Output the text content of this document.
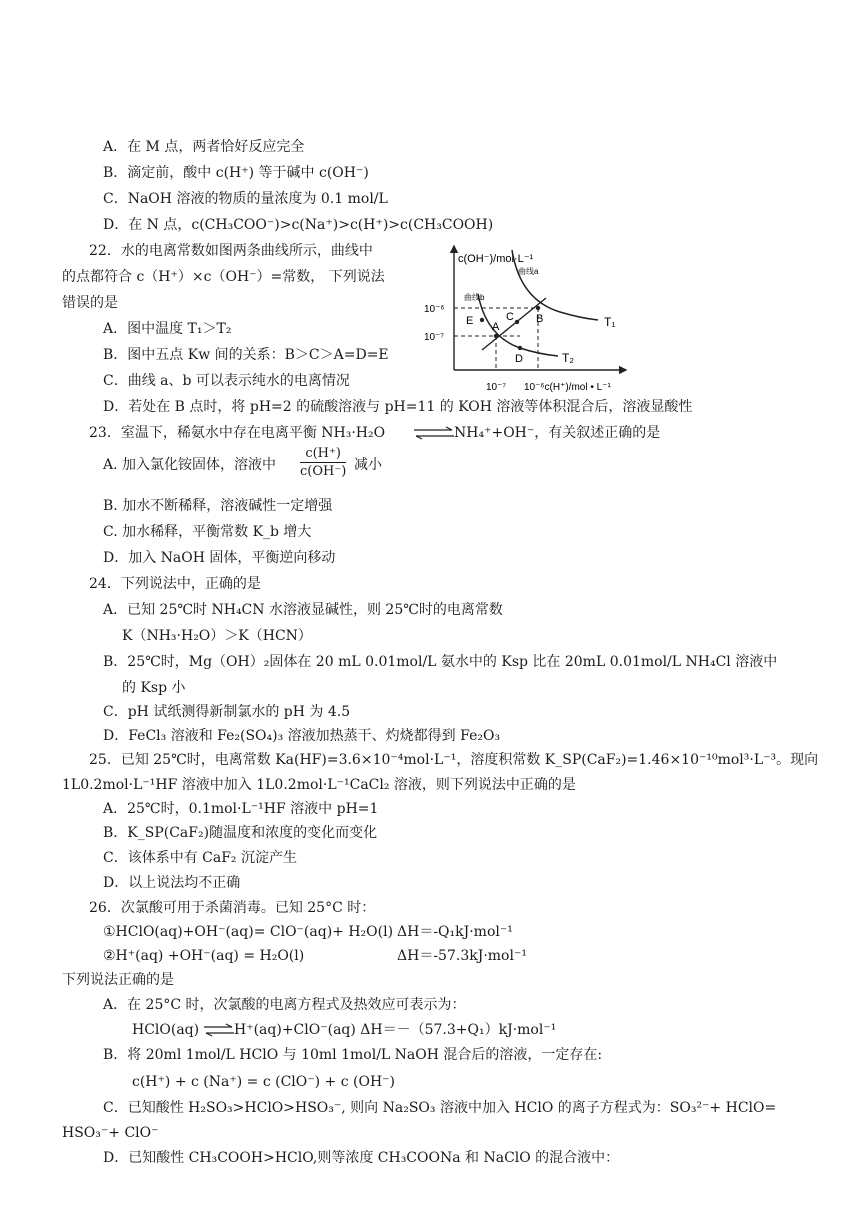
A．在 M 点，两者恰好反应完全
B．滴定前，酸中 c(H⁺) 等于碱中 c(OH⁻)
C．NaOH 溶液的物质的量浓度为 0.1 mol/L
D．在 N 点，c(CH₃COO⁻)>c(Na⁺)>c(H⁺)>c(CH₃COOH)
22．水的电离常数如图两条曲线所示，曲线中
的点都符合 c（H⁺）×c（OH⁻）=常数， 下列说法
错误的是
A．图中温度 T₁＞T₂
B．图中五点 Kw 间的关系：B＞C＞A=D=E
C．曲线 a、b 可以表示纯水的电离情况
D．若处在 B 点时，将 pH=2 的硫酸溶液与 pH=11 的 KOH 溶液等体积混合后，溶液显酸性
c(OH⁻)/mol·L⁻¹
10⁻⁶
10⁻⁷
曲线a
曲线b
A
B
C
D
E	T₁
T₂
10⁻⁷ 10⁻⁶c(H⁺)/mol • L⁻¹
23．室温下，稀氨水中存在电离平衡 NH₃·H₂O	NH₄⁺+OH⁻，有关叙述正确的是
A. 加入氯化铵固体，溶液中 $\frac{c(H^+)}{c(OH^-)}$ 减小
B. 加水不断稀释，溶液碱性一定增强
C. 加水稀释，平衡常数 K_b 增大
D．加入 NaOH 固体，平衡逆向移动
24．下列说法中，正确的是
A．已知 25℃时 NH₄CN 水溶液显碱性，则 25℃时的电离常数
K（NH₃·H₂O）＞K（HCN）
B．25℃时，Mg（OH）₂固体在 20 mL 0.01mol/L 氨水中的 Ksp 比在 20mL 0.01mol/L NH₄Cl 溶液中
的 Ksp 小
C．pH 试纸测得新制氯水的 pH 为 4.5
D．FeCl₃ 溶液和 Fe₂(SO₄)₃ 溶液加热蒸干、灼烧都得到 Fe₂O₃
25．已知 25℃时，电离常数 Ka(HF)=3.6×10⁻⁴mol·L⁻¹，溶度积常数 K_SP(CaF₂)=1.46×10⁻¹⁰mol³·L⁻³。现向
1L0.2mol·L⁻¹HF 溶液中加入 1L0.2mol·L⁻¹CaCl₂ 溶液，则下列说法中正确的是
A．25℃时，0.1mol·L⁻¹HF 溶液中 pH=1
B．K_SP(CaF₂)随温度和浓度的变化而变化
C．该体系中有 CaF₂ 沉淀产生
D．以上说法均不正确
26．次氯酸可用于杀菌消毒。已知 25°C 时：
①HClO(aq)+OH⁻(aq)= ClO⁻(aq)+ H₂O(l) ΔH＝-Q₁kJ·mol⁻¹
②H⁺(aq) +OH⁻(aq) = H₂O(l)	ΔH＝-57.3kJ·mol⁻¹
下列说法正确的是
A．在 25°C 时，次氯酸的电离方程式及热效应可表示为：
HClO(aq) ⇌
H⁺(aq)+ClO⁻(aq) ΔH＝－（57.3+Q₁）kJ·mol⁻¹
B．将 20ml 1mol/L HClO 与 10ml 1mol/L NaOH 混合后的溶液，一定存在:
c(H⁺) + c (Na⁺) = c (ClO⁻) + c (OH⁻)
C．已知酸性 H₂SO₃>HClO>HSO₃⁻, 则向 Na₂SO₃ 溶液中加入 HClO 的离子方程式为：SO₃²⁻+ HClO=
HSO₃⁻+ ClO⁻
D．已知酸性 CH₃COOH>HClO,则等浓度 CH₃COONa 和 NaClO 的混合液中：
